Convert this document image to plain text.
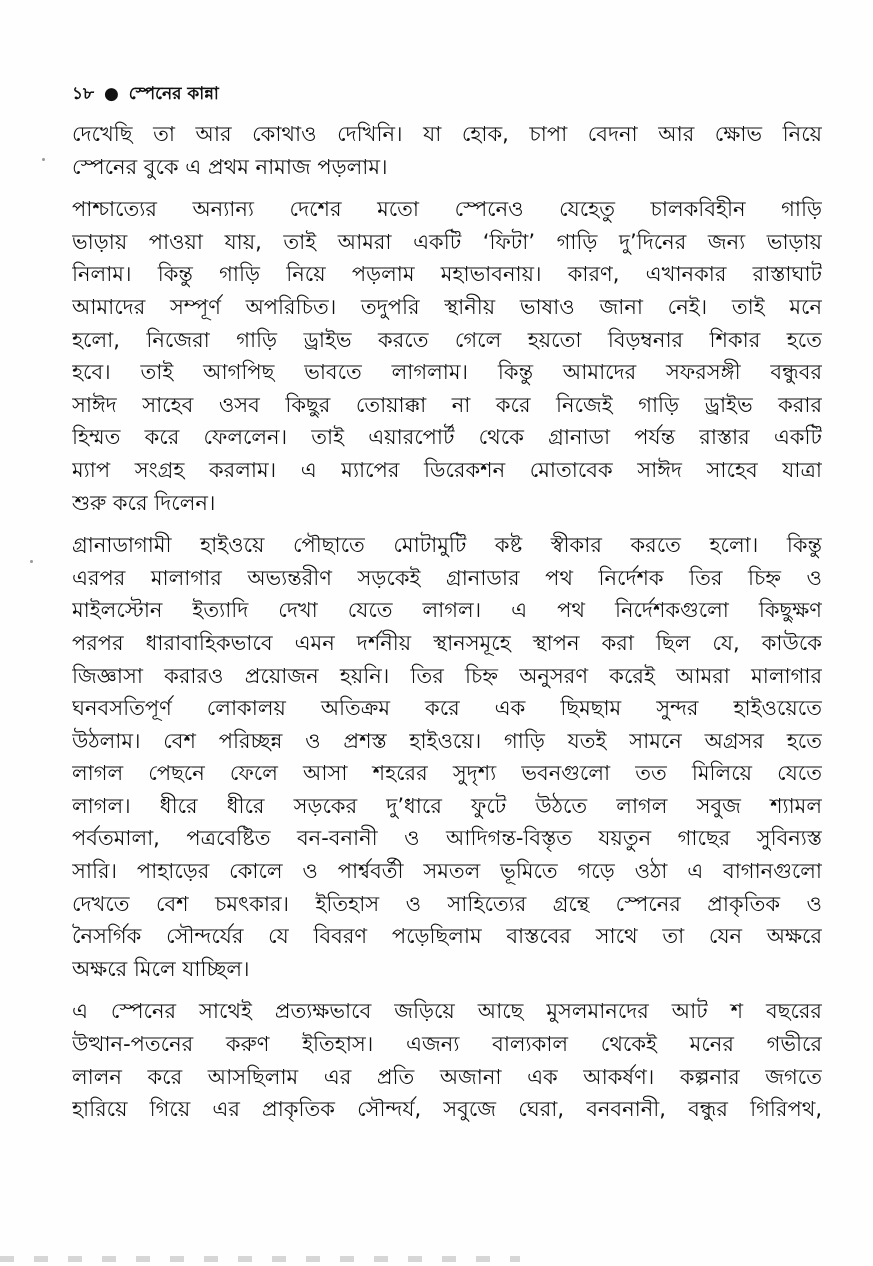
১৮ ● স্পেনের কান্না
দেখেছি তা আর কোথাও দেখিনি। যা হোক, চাপা বেদনা আর ক্ষোভ নিয়ে
স্পেনের বুকে এ প্রথম নামাজ পড়লাম।
পাশ্চাত্যের অন্যান্য দেশের মতো স্পেনেও যেহেতু চালকবিহীন গাড়ি
ভাড়ায় পাওয়া যায়, তাই আমরা একটি ‘ফিটা’ গাড়ি দু’দিনের জন্য ভাড়ায়
নিলাম। কিন্তু গাড়ি নিয়ে পড়লাম মহাভাবনায়। কারণ, এখানকার রাস্তাঘাট
আমাদের সম্পূর্ণ অপরিচিত। তদুপরি স্থানীয় ভাষাও জানা নেই। তাই মনে
হলো, নিজেরা গাড়ি ড্রাইভ করতে গেলে হয়তো বিড়ম্বনার শিকার হতে
হবে। তাই আগপিছ ভাবতে লাগলাম। কিন্তু আমাদের সফরসঙ্গী বন্ধুবর
সাঈদ সাহেব ওসব কিছুর তোয়াক্কা না করে নিজেই গাড়ি ড্রাইভ করার
হিম্মত করে ফেললেন। তাই এয়ারপোর্ট থেকে গ্রানাডা পর্যন্ত রাস্তার একটি
ম্যাপ সংগ্রহ করলাম। এ ম্যাপের ডিরেকশন মোতাবেক সাঈদ সাহেব যাত্রা
শুরু করে দিলেন।
গ্রানাডাগামী হাইওয়ে পৌছাতে মোটামুটি কষ্ট স্বীকার করতে হলো। কিন্তু
এরপর মালাগার অভ্যন্তরীণ সড়কেই গ্রানাডার পথ নির্দেশক তির চিহ্ন ও
মাইলস্টোন ইত্যাদি দেখা যেতে লাগল। এ পথ নির্দেশকগুলো কিছুক্ষণ
পরপর ধারাবাহিকভাবে এমন দর্শনীয় স্থানসমূহে স্থাপন করা ছিল যে, কাউকে
জিজ্ঞাসা করারও প্রয়োজন হয়নি। তির চিহ্ন অনুসরণ করেই আমরা মালাগার
ঘনবসতিপূর্ণ লোকালয় অতিক্রম করে এক ছিমছাম সুন্দর হাইওয়েতে
উঠলাম। বেশ পরিচ্ছন্ন ও প্রশস্ত হাইওয়ে। গাড়ি যতই সামনে অগ্রসর হতে
লাগল পেছনে ফেলে আসা শহরের সুদৃশ্য ভবনগুলো তত মিলিয়ে যেতে
লাগল। ধীরে ধীরে সড়কের দু’ধারে ফুটে উঠতে লাগল সবুজ শ্যামল
পর্বতমালা, পত্রবেষ্টিত বন-বনানী ও আদিগন্ত-বিস্তৃত যয়তুন গাছের সুবিন্যস্ত
সারি। পাহাড়ের কোলে ও পার্শ্ববর্তী সমতল ভূমিতে গড়ে ওঠা এ বাগানগুলো
দেখতে বেশ চমৎকার। ইতিহাস ও সাহিত্যের গ্রন্থে স্পেনের প্রাকৃতিক ও
নৈসর্গিক সৌন্দর্যের যে বিবরণ পড়েছিলাম বাস্তবের সাথে তা যেন অক্ষরে
অক্ষরে মিলে যাচ্ছিল।
এ স্পেনের সাথেই প্রত্যক্ষভাবে জড়িয়ে আছে মুসলমানদের আট শ বছরের
উত্থান-পতনের করুণ ইতিহাস। এজন্য বাল্যকাল থেকেই মনের গভীরে
লালন করে আসছিলাম এর প্রতি অজানা এক আকর্ষণ। কল্পনার জগতে
হারিয়ে গিয়ে এর প্রাকৃতিক সৌন্দর্য, সবুজে ঘেরা, বনবনানী, বন্ধুর গিরিপথ,
